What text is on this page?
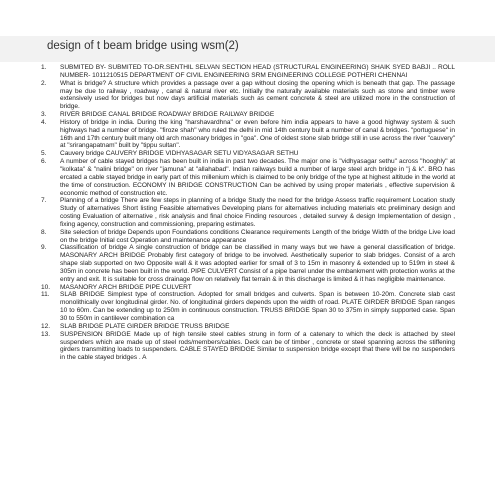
design of t beam bridge using wsm(2)
1.	SUBMITED BY- SUBMITED TO-DR.SENTHIL SELVAN SECTION HEAD (STRUCTURAL ENGINEERING) SHAIK SYED BABJI .. ROLL NUMBER- 1011210515 DEPARTMENT OF CIVIL ENGINEERING SRM ENGINEERING COLLEGE POTHERI CHENNAI
2.	What is bridge? A structure which provides a passage over a gap without closing the opening which is beneath that gap. The passage may be due to railway , roadway , canal & natural river etc. Initially the naturally available materials such as stone and timber were extensively used for bridges but now days artificial materials such as cement concrete & steel are utilized more in the construction of bridge.
3.	RIVER BRIDGE CANAL BRIDGE ROADWAY BRIDGE RAILWAY BRIDGE
4.	History of bridge in india. During the king "harshavardhna" or even before him india appears to have a good highway system & such highways had a number of bridge. "firoze shah" who ruled the delhi in mid 14th century built a number of canal & bridges. "portuguese" in 16th and 17th century built many old arch masonary bridges in "goa". One of oldest stone slab bridge still in use across the river "cauvery" at "srirangapatnam" built by "tippu sultan".
5.	Cauvery bridge CAUVERY BRIDGE VIDHYASAGAR SETU VIDYASAGAR SETHU
6.	A number of cable stayed bridges has been built in india in past two decades. The major one is "vidhyasagar sethu" across "hooghly" at "kolkata" & "nalini bridge" on river "jamuna" at "allahabad". Indian railways build a number of large steel arch bridge in "j & k". BRO has ercated a cable stayed bridge in early part of this millenium which is claimed to be only bridge of the type at highest altitude in the world at the time of construction. ECONOMY IN BRIDGE CONSTRUCTION Can be achived by using proper materials , effective supervision & economic method of construction etc.
7.	Planning of a bridge There are few steps in planning of a bridge Study the need for the bridge Assess traffic requirement Location study Study of alternatives Short listing Feasible alternatives Developing plans for alternatives including materials etc preliminary design and costing Evaluation of alternative , risk analysis and final choice Finding resources , detailed survey & design Implementation of design , fixing agency, construction and commissioning, preparing estimates.
8.	Site selection of bridge Depends upon Foundations conditions Clearance requirements Length of the bridge Width of the bridge Live load on the bridge Initial cost Operation and maintenance appearance
9.	Classification of bridge A single construction of bridge can be classified in many ways but we have a general classification of bridge. MASONARY ARCH BRIDGE Probably first category of bridge to be involved. Aesthetically superior to slab bridges. Consist of a arch shape slab supported on two Opposite wall & it was adopted earlier for small of 3 to 15m in masonry & extended up to 519m in steel & 305m in concrete has been built in the world. PIPE CULVERT Consist of a pipe barrel under the embankment with protection works at the entry and exit. It is suitable for cross drainage flow on relatively flat terrain & in this discharge is limited & it has negligible maintenance.
10.	MASANORY ARCH BRIDGE PIPE CULVERT
11.	SLAB BRIDGE Simplest type of construction. Adopted for small bridges and culverts. Span is between 10-20m. Concrete slab cast monolithically over longitudinal girder. No. of longitudinal girders depends upon the width of road. PLATE GIRDER BRIDGE Span ranges 10 to 60m. Can be extending up to 250m in continuous construction. TRUSS BRIDGE Span 30 to 375m in simply supported case. Span 30 to 550m in cantilever combination ca
12.	SLAB BRIDGE PLATE GIRDER BRIDGE TRUSS BRIDGE
13.	SUSPENSION BRIDGE Made up of high tensile steel cables strung in form of a catenary to which the deck is attached by steel suspenders which are made up of steel rods/members/cables. Deck can be of timber , concrete or steel spanning across the stiffening girders transmitting loads to suspenders. CABLE STAYED BRIDGE Similar to suspension bridge except that there will be no suspenders in the cable stayed bridges . A
